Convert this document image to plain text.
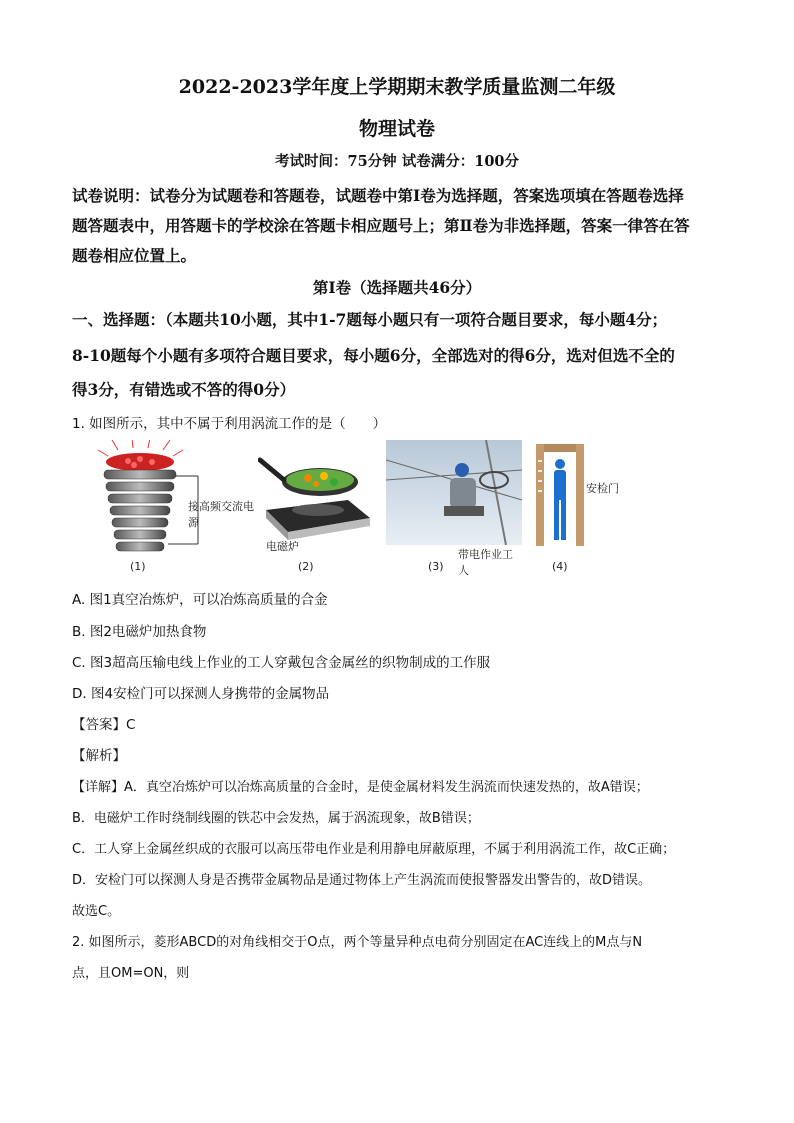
2022-2023学年度上学期期末教学质量监测二年级
物理试卷
考试时间：75分钟 试卷满分：100分
试卷说明：试卷分为试题卷和答题卷，试题卷中第Ⅰ卷为选择题，答案选项填在答题卷选择
题答题表中，用答题卡的学校涂在答题卡相应题号上；第Ⅱ卷为非选择题，答案一律答在答
题卷相应位置上。
第Ⅰ卷（选择题共46分）
一、选择题：（本题共10小题，其中1-7题每小题只有一项符合题目要求，每小题4分；
8-10题每个小题有多项符合题目要求，每小题6分，全部选对的得6分，选对但选不全的
得3分，有错选或不答的得0分）
1. 如图所示，其中不属于利用涡流工作的是（　　）
接高频交流电源
(1)
电磁炉
(2)
带电作业工人
(3)
安检门
(4)
A. 图1真空冶炼炉，可以冶炼高质量的合金
B. 图2电磁炉加热食物
C. 图3超高压输电线上作业的工人穿戴包含金属丝的织物制成的工作服
D. 图4安检门可以探测人身携带的金属物品
【答案】C
【解析】
【详解】A．真空冶炼炉可以冶炼高质量的合金时，是使金属材料发生涡流而快速发热的，故A错误；
B．电磁炉工作时绕制线圈的铁芯中会发热，属于涡流现象，故B错误；
C．工人穿上金属丝织成的衣服可以高压带电作业是利用静电屏蔽原理，不属于利用涡流工作，故C正确；
D．安检门可以探测人身是否携带金属物品是通过物体上产生涡流而使报警器发出警告的，故D错误。
故选C。
2. 如图所示，菱形ABCD的对角线相交于O点，两个等量异种点电荷分别固定在AC连线上的M点与N
点，且OM=ON，则
